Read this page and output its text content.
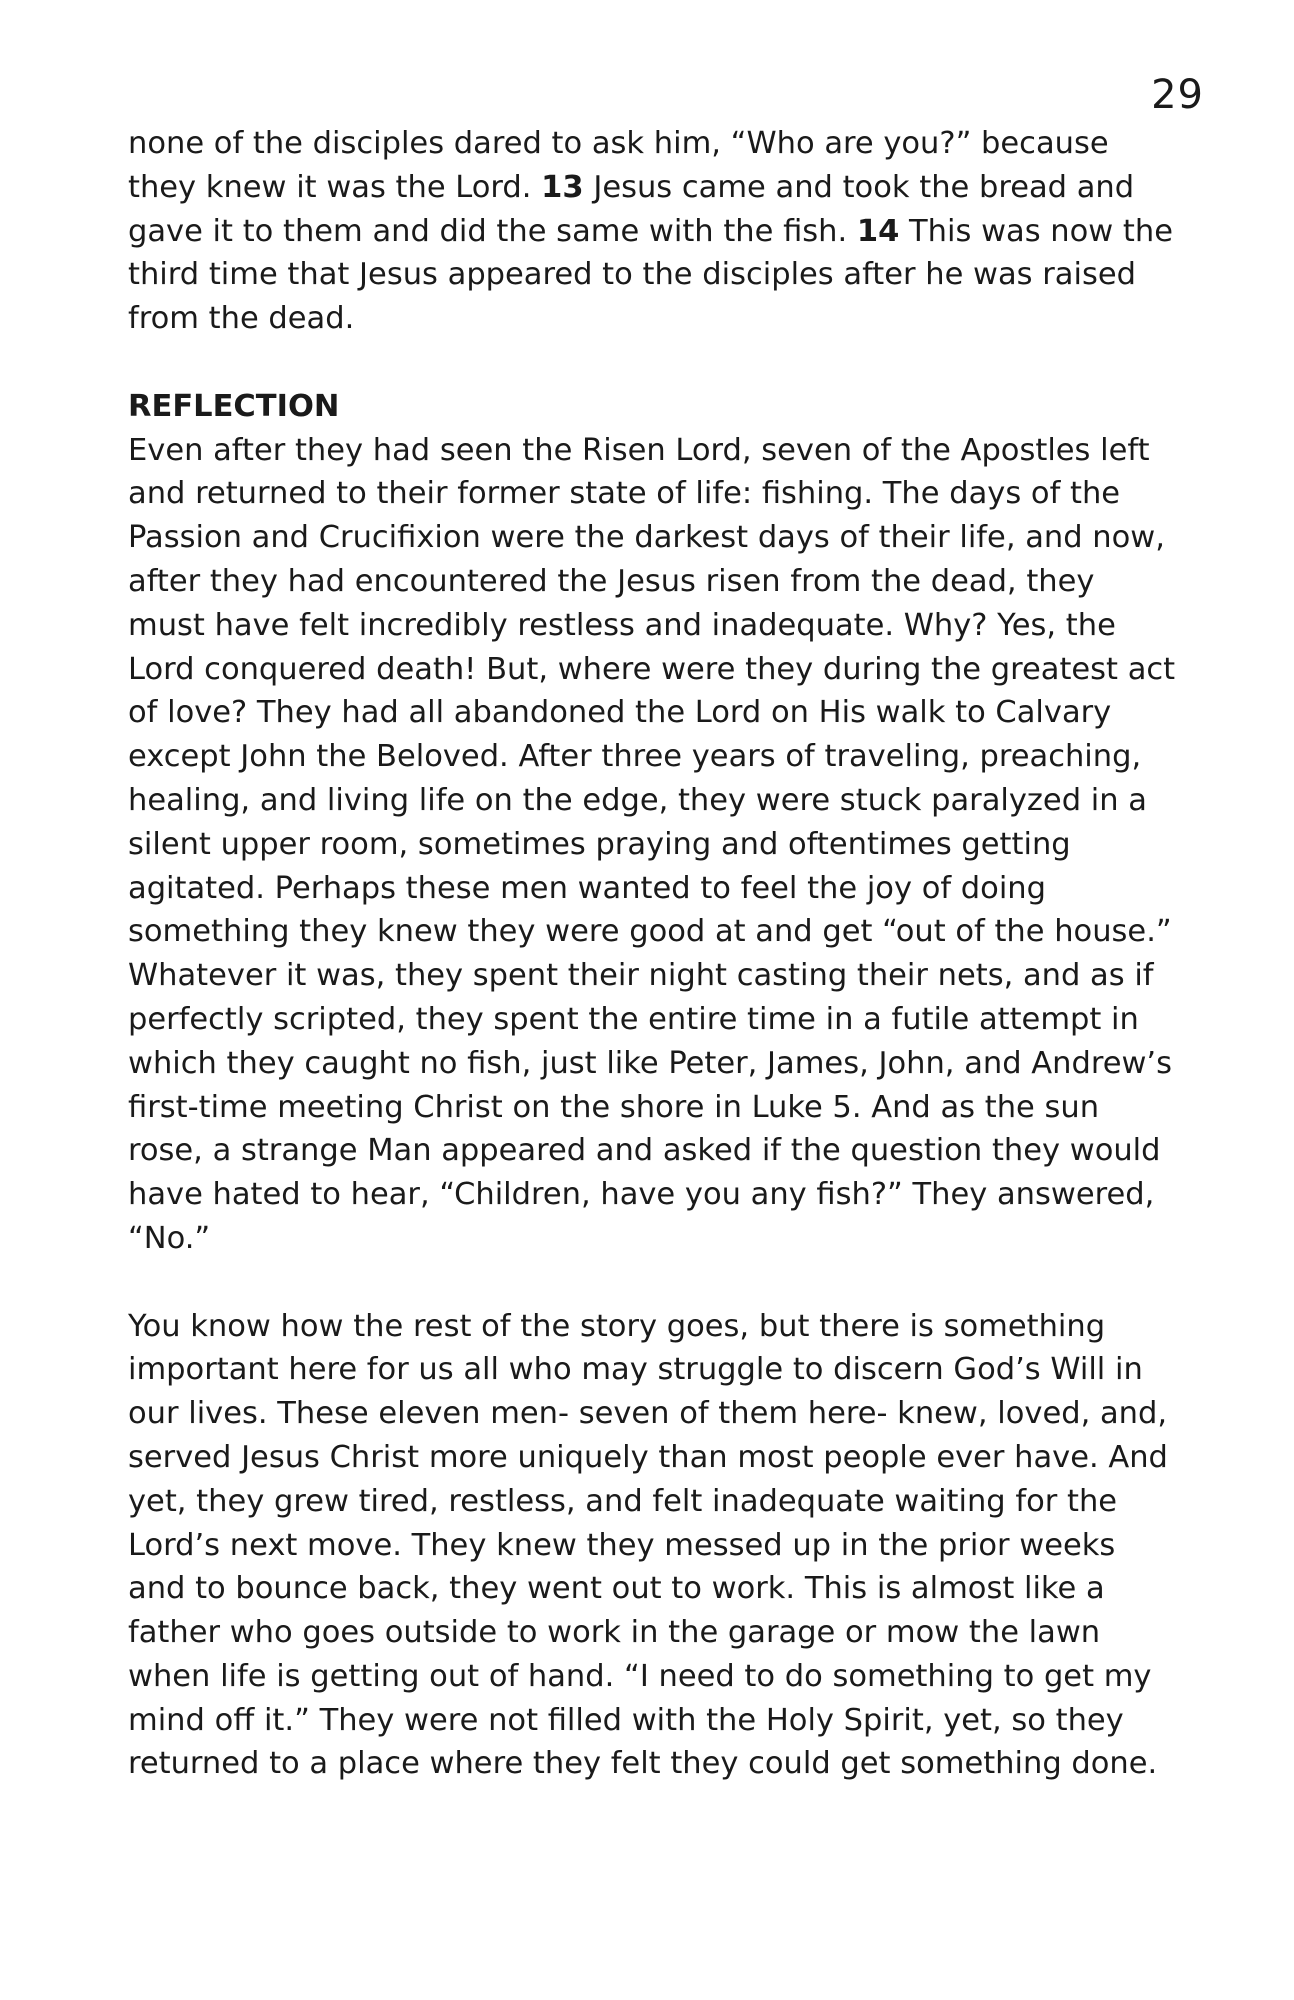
29

none of the disciples dared to ask him, “Who are you?” because they knew it was the Lord. 13 Jesus came and took the bread and gave it to them and did the same with the fish. 14 This was now the third time that Jesus appeared to the disciples after he was raised from the dead.

REFLECTION

Even after they had seen the Risen Lord, seven of the Apostles left and returned to their former state of life: fishing. The days of the Passion and Crucifixion were the darkest days of their life, and now, after they had encountered the Jesus risen from the dead, they must have felt incredibly restless and inadequate. Why? Yes, the Lord conquered death! But, where were they during the greatest act of love? They had all abandoned the Lord on His walk to Calvary except John the Beloved. After three years of traveling, preaching, healing, and living life on the edge, they were stuck paralyzed in a silent upper room, sometimes praying and oftentimes getting agitated. Perhaps these men wanted to feel the joy of doing something they knew they were good at and get “out of the house.” Whatever it was, they spent their night casting their nets, and as if perfectly scripted, they spent the entire time in a futile attempt in which they caught no fish, just like Peter, James, John, and Andrew’s first-time meeting Christ on the shore in Luke 5. And as the sun rose, a strange Man appeared and asked if the question they would have hated to hear, “Children, have you any fish?” They answered, “No.”

You know how the rest of the story goes, but there is something important here for us all who may struggle to discern God’s Will in our lives. These eleven men- seven of them here- knew, loved, and, served Jesus Christ more uniquely than most people ever have. And yet, they grew tired, restless, and felt inadequate waiting for the Lord’s next move. They knew they messed up in the prior weeks and to bounce back, they went out to work. This is almost like a father who goes outside to work in the garage or mow the lawn when life is getting out of hand. “I need to do something to get my mind off it.” They were not filled with the Holy Spirit, yet, so they returned to a place where they felt they could get something done.
